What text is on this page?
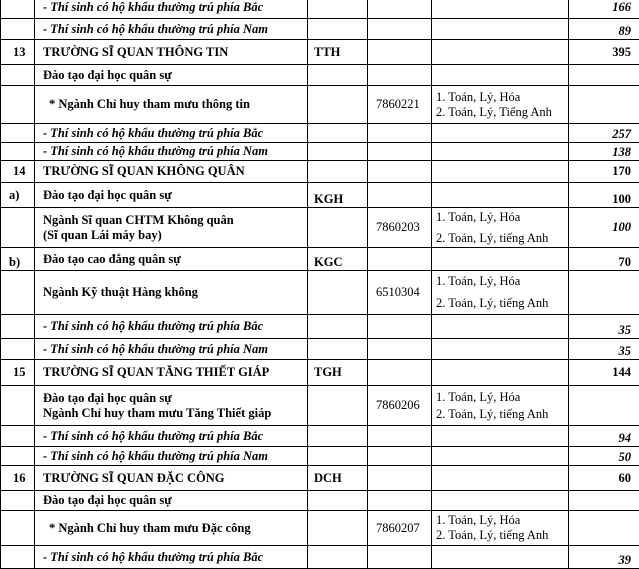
	- Thí sinh có hộ khẩu thường trú phía Bắc				166
	- Thí sinh có hộ khẩu thường trú phía Nam				89
13	TRƯỜNG SĨ QUAN THÔNG TIN	TTH			395
	Đào tạo đại học quân sự				
	* Ngành Chỉ huy tham mưu thông tin		7860221	1. Toán, Lý, Hóa
2. Toán, Lý, Tiếng Anh	

	- Thí sinh có hộ khẩu thường trú phía Bắc				257
	- Thí sinh có hộ khẩu thường trú phía Nam				138
14	TRƯỜNG SĨ QUAN KHÔNG QUÂN				170
a)	Đào tạo đại học quân sự	KGH			100

	Ngành Sĩ quan CHTM Không quân
(Sĩ quan Lái máy bay)		7860203	1. Toán, Lý, Hóa
2. Toán, Lý, tiếng Anh	100
b)	Đào tạo cao đẳng quân sự	KGC			70
	Ngành Kỹ thuật Hàng không		6510304	1. Toán, Lý, Hóa
2. Toán, Lý, tiếng Anh	

	- Thí sinh có hộ khẩu thường trú phía Bắc				35
	- Thí sinh có hộ khẩu thường trú phía Nam				35
15	TRƯỜNG SĨ QUAN TĂNG THIẾT GIÁP	TGH			144

	Đào tạo đại học quân sự
Ngành Chỉ huy tham mưu Tăng Thiết giáp		7860206	1. Toán, Lý, Hóa
2. Toán, Lý, tiếng Anh	

	- Thí sinh có hộ khẩu thường trú phía Bắc				94
	- Thí sinh có hộ khẩu thường trú phía Nam				50
16	TRƯỜNG SĨ QUAN ĐẶC CÔNG	DCH			60
	Đào tạo đại học quân sự				
	* Ngành Chỉ huy tham mưu Đặc công		7860207	1. Toán, Lý, Hóa
2. Toán, Lý, tiếng Anh	

	- Thí sinh có hộ khẩu thường trú phía Bắc				39
